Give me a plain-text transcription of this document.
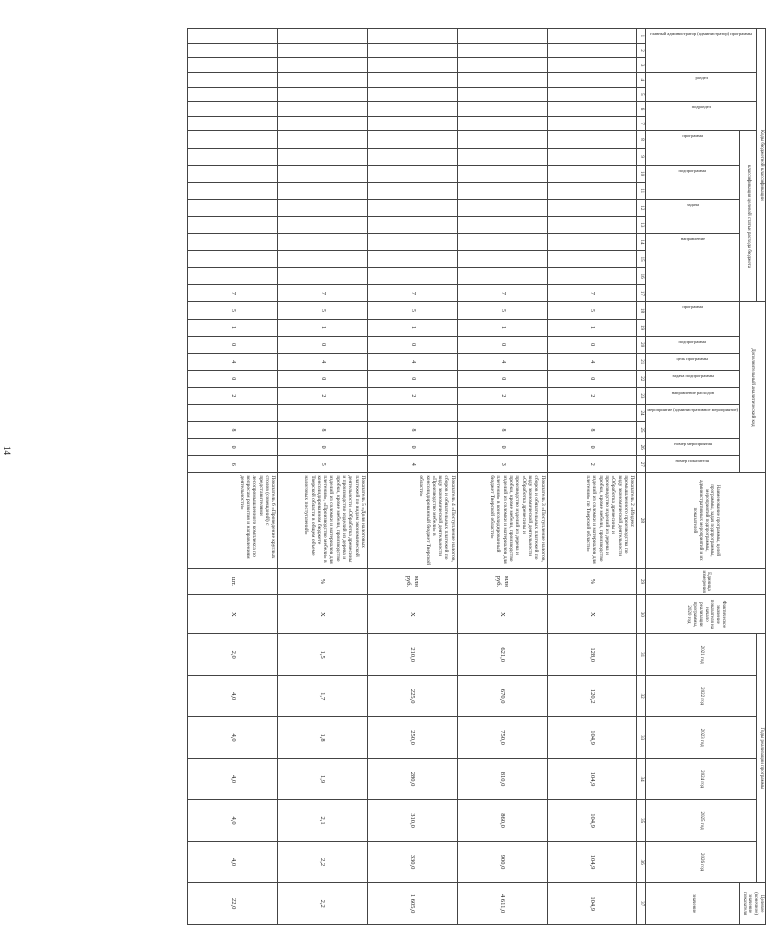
14
Коды бюджетной классификации																	Дополнительный аналитический код										Наименование программы, целей программы, задач подпрограммы, мероприятий подпрограммы, административных мероприятий и их показателей	Единица измерения	Фактическое значение показателя на начало реализации программы, 2020 год	Годы реализации программы						Целевое (конечное) значение показателя

главный администратор (администратор) программы			раздел		подраздел		классификация целевой статьи расхода бюджета																							2021 год	2022 год	2023 год	2024 год	2025 год	2026 год	

							программа		подпрограмма		задача		направление				программа		подпрограмма	цель программы	задача подпрограммы	направление расходов	мероприятие (административное мероприятие)		номер мероприятия	номер показателя										значение
1	2	3	4	5	6	7	8	9	10	11	12	13	14	15	16	17	18	19	20	21	22	23	24	25	26	27	28	29	30	31	32	33	34	35	36	37
																7	5	1	0	4	0	2		8	0	2	Показатель 2 «Индекс промышленного производства по виду экономической деятельности «Обработка древесины и производство изделий из дерева и пробки, кроме мебели, производство изделий из соломки и материалов для плетения» по Тверской области»	%	Х	128,0	120,2	104,9	104,9	104,9	104,9	104,9
																7	5	1	0	4	0	2		8	0	3	Показатель 3 «Поступление налогов, сборов и обязательных платежей по виду экономической деятельности «Обработка древесины и производство изделий из дерева и пробки, кроме мебели, производство изделий из соломки и материалов для плетения» в консолидированный бюджет Тверской области»	млн руб.	Х	621,0	670,0	750,0	810,0	860,0	900,0	4 611,0
																7	5	1	0	4	0	2		8	0	4	Показатель 4 «Поступление налогов, сборов и обязательных платежей по виду экономической деятельности «Производство мебели» в консолидированный бюджет Тверской области»	млн руб.	Х	210,0	225,0	250,0	280,0	310,0	330,0	1 605,0
																7	5	1	0	4	0	2		8	0	5	Показатель 5 «Доля налоговых платежей по видам экономической деятельности «Обработка древесины и производство изделий из дерева и пробки, кроме мебели, производство изделий из соломки и материалов для плетения», «Производство мебели» в консолидированном бюджете Тверской области в общем объеме налоговых поступлений»	%	Х	1,5	1,7	1,8	1,9	2,1	2,2	2,2
																7	5	1	0	4	0	2		8	0	6	Показатель 6 «Проведение круглых столов (совещаний) с представителями лесопромышленного комплекса по вопросам развития и направлениям деятельности»	шт.	Х	2,0	4,0	4,0	4,0	4,0	4,0	22,0
